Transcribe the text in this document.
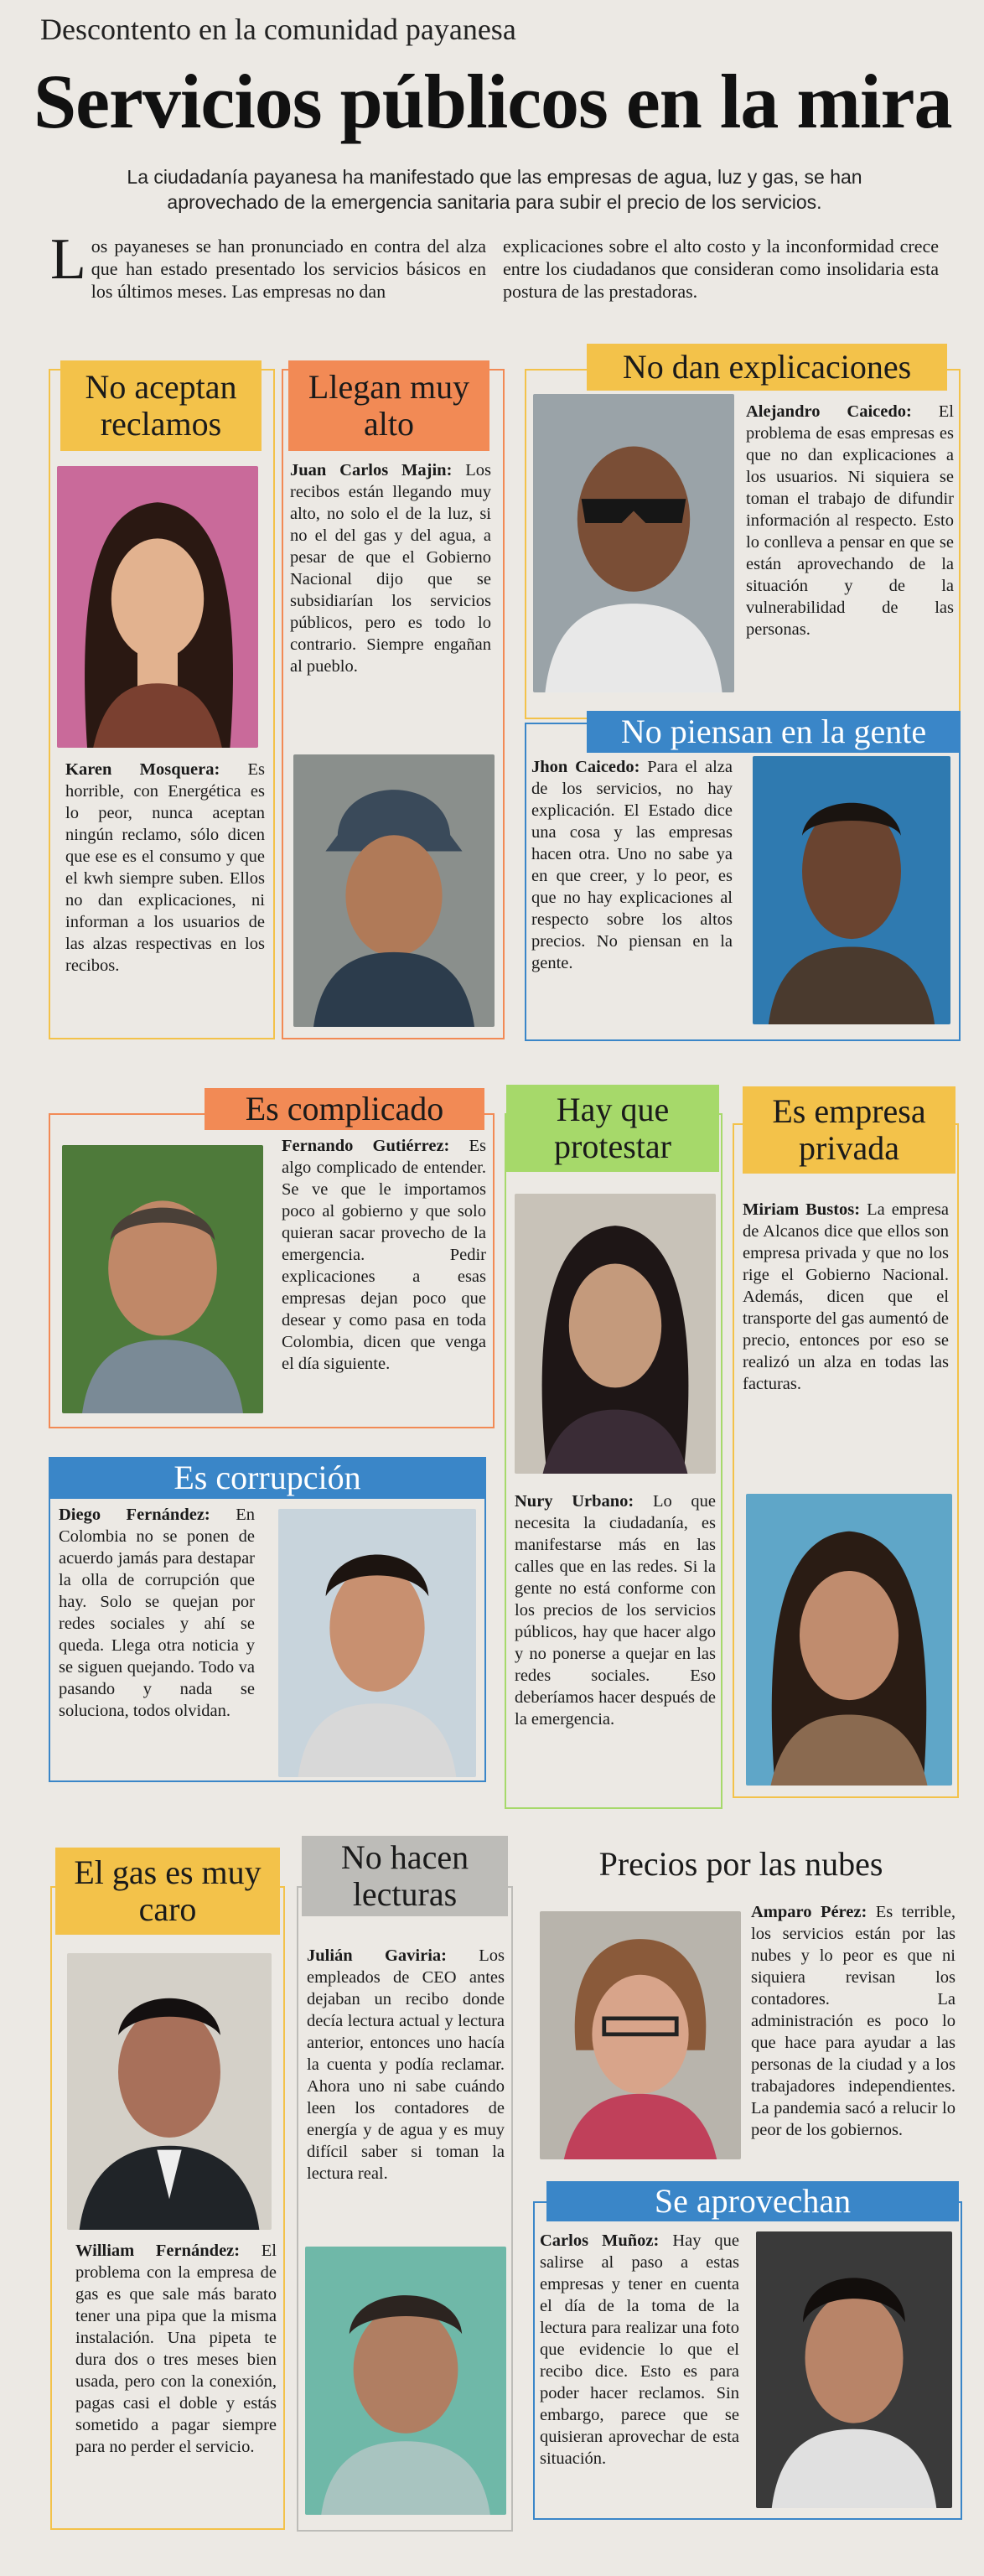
Descontento en la comunidad payanesa
Servicios públicos en la mira
La ciudadanía payanesa ha manifestado que las empresas de agua, luz y gas, se han aprovechado de la emergencia sanitaria para subir el precio de los servicios.
Los payaneses se han pronunciado en contra del alza que han estado presentado los servicios básicos en los últimos meses. Las empresas no dan
explicaciones sobre el alto costo y la inconformidad crece entre los ciudadanos que consideran como insolidaria esta postura de las prestadoras.
No aceptan reclamos
Karen Mosquera: Es horrible, con Energética es lo peor, nunca aceptan ningún reclamo, sólo dicen que ese es el consumo y que el kwh siempre suben. Ellos no dan explicaciones, ni informan a los usuarios de las alzas respectivas en los recibos.
Llegan muy alto
Juan Carlos Majin: Los recibos están llegando muy alto, no solo el de la luz, si no el del gas y del agua, a pesar de que el Gobierno Nacional dijo que se subsidiarían los servicios públicos, pero es todo lo contrario. Siempre engañan al pueblo.
No dan explicaciones
Alejandro Caicedo: El problema de esas empresas es que no dan explicaciones a los usuarios. Ni siquiera se toman el trabajo de difundir información al respecto. Esto lo conlleva a pensar en que se están aprovechando de la situación y de la vulnerabilidad de las personas.
No piensan en la gente
Jhon Caicedo: Para el alza de los servicios, no hay explicación. El Estado dice una cosa y las empresas hacen otra. Uno no sabe ya en que creer, y lo peor, es que no hay explicaciones al respecto sobre los altos precios. No piensan en la gente.
Es complicado
Fernando Gutiérrez: Es algo complicado de entender. Se ve que le importamos poco al gobierno y que solo quieran sacar provecho de la emergencia. Pedir explicaciones a esas empresas dejan poco que desear y como pasa en toda Colombia, dicen que venga el día siguiente.
Hay que protestar
Nury Urbano: Lo que necesita la ciudadanía, es manifestarse más en las calles que en las redes. Si la gente no está conforme con los precios de los servicios públicos, hay que hacer algo y no ponerse a quejar en las redes sociales. Eso deberíamos hacer después de la emergencia.
Es empresa privada
Miriam Bustos: La empresa de Alcanos dice que ellos son empresa privada y que no los rige el Gobierno Nacional. Además, dicen que el transporte del gas aumentó de precio, entonces por eso se realizó un alza en todas las facturas.
Es corrupción
Diego Fernández: En Colombia no se ponen de acuerdo jamás para destapar la olla de corrupción que hay. Solo se quejan por redes sociales y ahí se queda. Llega otra noticia y se siguen quejando. Todo va pasando y nada se soluciona, todos olvidan.
El gas es muy caro
William Fernández: El problema con la empresa de gas es que sale más barato tener una pipa que la misma instalación. Una pipeta te dura dos o tres meses bien usada, pero con la conexión, pagas casi el doble y estás sometido a pagar siempre para no perder el servicio.
No hacen lecturas
Julián Gaviria: Los empleados de CEO antes dejaban un recibo donde decía lectura actual y lectura anterior, entonces uno hacía la cuenta y podía reclamar. Ahora uno ni sabe cuándo leen los contadores de energía y de agua y es muy difícil saber si toman la lectura real.
Precios por las nubes
Amparo Pérez: Es terrible, los servicios están por las nubes y lo peor es que ni siquiera revisan los contadores. La administración es poco lo que hace para ayudar a las personas de la ciudad y a los trabajadores independientes. La pandemia sacó a relucir lo peor de los gobiernos.
Se aprovechan
Carlos Muñoz: Hay que salirse al paso a estas empresas y tener en cuenta el día de la toma de la lectura para realizar una foto que evidencie lo que el recibo dice. Esto es para poder hacer reclamos. Sin embargo, parece que se quisieran aprovechar de esta situación.
